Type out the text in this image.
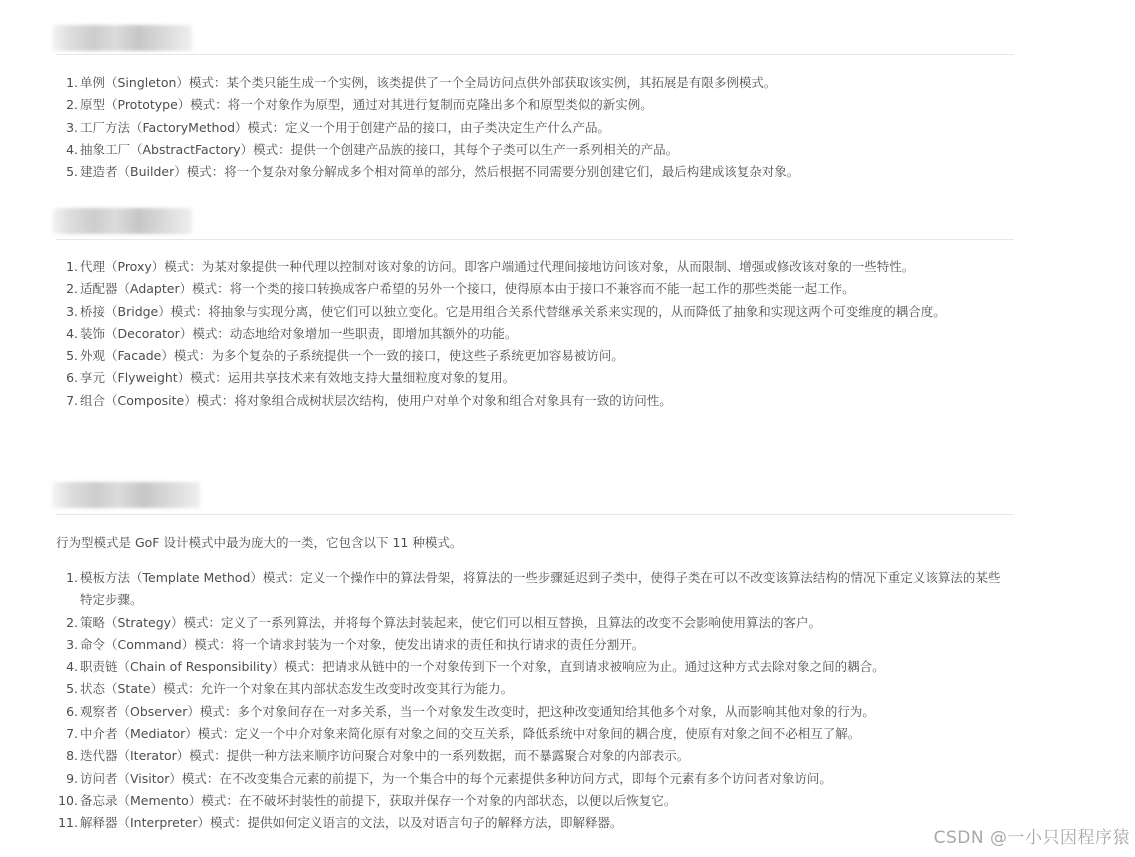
1. 单例（Singleton）模式：某个类只能生成一个实例，该类提供了一个全局访问点供外部获取该实例，其拓展是有限多例模式。
2. 原型（Prototype）模式：将一个对象作为原型，通过对其进行复制而克隆出多个和原型类似的新实例。
3. 工厂方法（FactoryMethod）模式：定义一个用于创建产品的接口，由子类决定生产什么产品。
4. 抽象工厂（AbstractFactory）模式：提供一个创建产品族的接口，其每个子类可以生产一系列相关的产品。
5. 建造者（Builder）模式：将一个复杂对象分解成多个相对简单的部分，然后根据不同需要分别创建它们，最后构建成该复杂对象。
1. 代理（Proxy）模式：为某对象提供一种代理以控制对该对象的访问。即客户端通过代理间接地访问该对象，从而限制、增强或修改该对象的一些特性。
2. 适配器（Adapter）模式：将一个类的接口转换成客户希望的另外一个接口，使得原本由于接口不兼容而不能一起工作的那些类能一起工作。
3. 桥接（Bridge）模式：将抽象与实现分离，使它们可以独立变化。它是用组合关系代替继承关系来实现的，从而降低了抽象和实现这两个可变维度的耦合度。
4. 装饰（Decorator）模式：动态地给对象增加一些职责，即增加其额外的功能。
5. 外观（Facade）模式：为多个复杂的子系统提供一个一致的接口，使这些子系统更加容易被访问。
6. 享元（Flyweight）模式：运用共享技术来有效地支持大量细粒度对象的复用。
7. 组合（Composite）模式：将对象组合成树状层次结构，使用户对单个对象和组合对象具有一致的访问性。
行为型模式是 GoF 设计模式中最为庞大的一类，它包含以下 11 种模式。
1. 模板方法（Template Method）模式：定义一个操作中的算法骨架，将算法的一些步骤延迟到子类中，使得子类在可以不改变该算法结构的情况下重定义该算法的某些特定步骤。
2. 策略（Strategy）模式：定义了一系列算法，并将每个算法封装起来，使它们可以相互替换，且算法的改变不会影响使用算法的客户。
3. 命令（Command）模式：将一个请求封装为一个对象，使发出请求的责任和执行请求的责任分割开。
4. 职责链（Chain of Responsibility）模式：把请求从链中的一个对象传到下一个对象，直到请求被响应为止。通过这种方式去除对象之间的耦合。
5. 状态（State）模式：允许一个对象在其内部状态发生改变时改变其行为能力。
6. 观察者（Observer）模式：多个对象间存在一对多关系，当一个对象发生改变时，把这种改变通知给其他多个对象，从而影响其他对象的行为。
7. 中介者（Mediator）模式：定义一个中介对象来简化原有对象之间的交互关系，降低系统中对象间的耦合度，使原有对象之间不必相互了解。
8. 迭代器（Iterator）模式：提供一种方法来顺序访问聚合对象中的一系列数据，而不暴露聚合对象的内部表示。
9. 访问者（Visitor）模式：在不改变集合元素的前提下，为一个集合中的每个元素提供多种访问方式，即每个元素有多个访问者对象访问。
10. 备忘录（Memento）模式：在不破坏封装性的前提下，获取并保存一个对象的内部状态，以便以后恢复它。
11. 解释器（Interpreter）模式：提供如何定义语言的文法，以及对语言句子的解释方法，即解释器。
CSDN @一小只因程序猿
